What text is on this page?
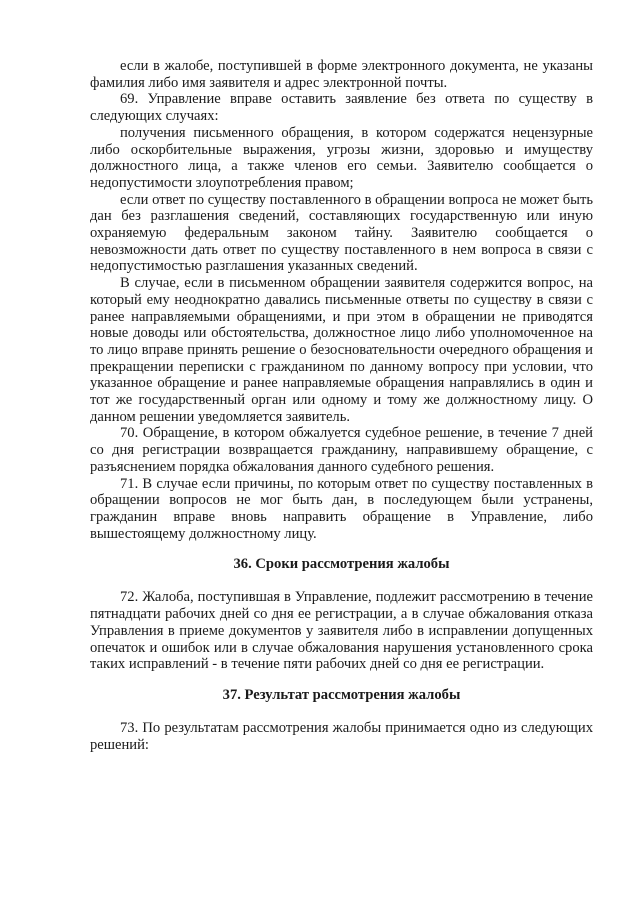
если в жалобе, поступившей в форме электронного документа, не указаны фамилия либо имя заявителя и адрес электронной почты.

69. Управление вправе оставить заявление без ответа по существу в следующих случаях:

получения письменного обращения, в котором содержатся нецензурные либо оскорбительные выражения, угрозы жизни, здоровью и имуществу должностного лица, а также членов его семьи. Заявителю сообщается о недопустимости злоупотребления правом;

если ответ по существу поставленного в обращении вопроса не может быть дан без разглашения сведений, составляющих государственную или иную охраняемую федеральным законом тайну. Заявителю сообщается о невозможности дать ответ по существу поставленного в нем вопроса в связи с недопустимостью разглашения указанных сведений.

В случае, если в письменном обращении заявителя содержится вопрос, на который ему неоднократно давались письменные ответы по существу в связи с ранее направляемыми обращениями, и при этом в обращении не приводятся новые доводы или обстоятельства, должностное лицо либо уполномоченное на то лицо вправе принять решение о безосновательности очередного обращения и прекращении переписки с гражданином по данному вопросу при условии, что указанное обращение и ранее направляемые обращения направлялись в один и тот же государственный орган или одному и тому же должностному лицу. О данном решении уведомляется заявитель.

70. Обращение, в котором обжалуется судебное решение, в течение 7 дней со дня регистрации возвращается гражданину, направившему обращение, с разъяснением порядка обжалования данного судебного решения.

71. В случае если причины, по которым ответ по существу поставленных в обращении вопросов не мог быть дан, в последующем были устранены, гражданин вправе вновь направить обращение в Управление, либо вышестоящему должностному лицу.

36. Сроки рассмотрения жалобы

72. Жалоба, поступившая в Управление, подлежит рассмотрению в течение пятнадцати рабочих дней со дня ее регистрации, а в случае обжалования отказа Управления в приеме документов у заявителя либо в исправлении допущенных опечаток и ошибок или в случае обжалования нарушения установленного срока таких исправлений - в течение пяти рабочих дней со дня ее регистрации.

37. Результат рассмотрения жалобы

73. По результатам рассмотрения жалобы принимается одно из следующих решений:
